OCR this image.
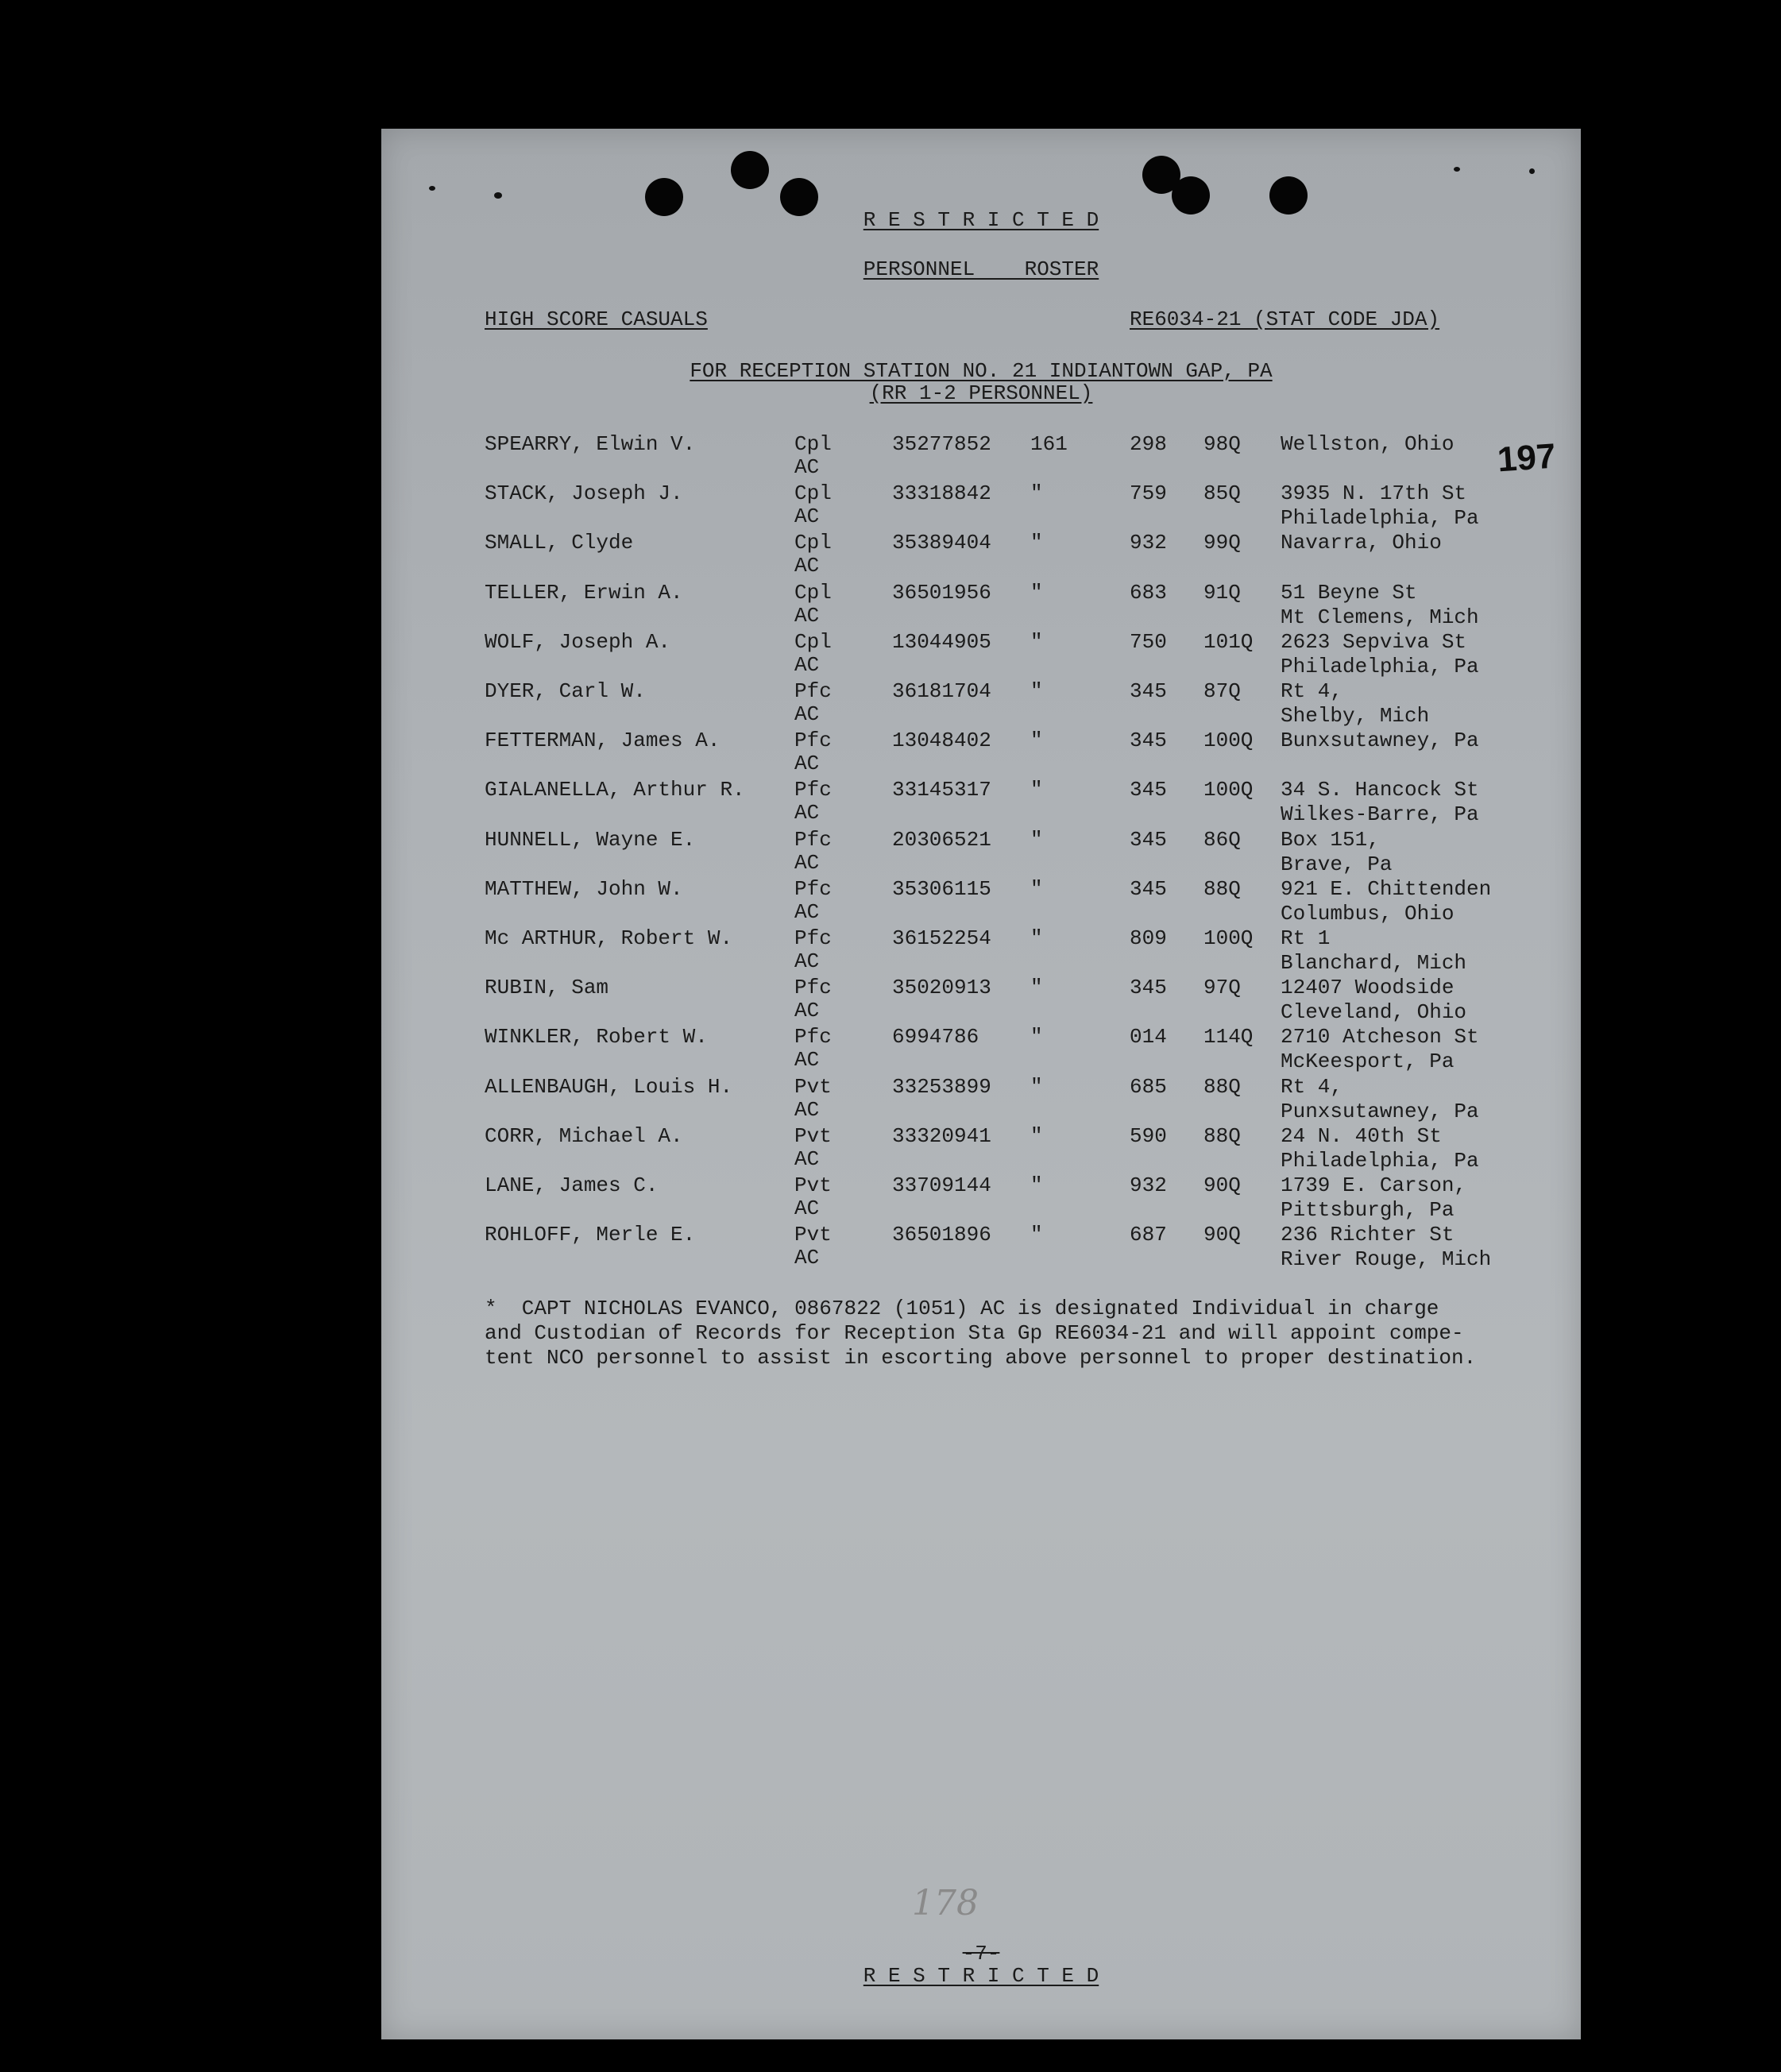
R E S T R I C T E D
PERSONNEL    ROSTER
HIGH SCORE CASUALS	RE6034-21 (STAT CODE JDA)
FOR RECEPTION STATION NO. 21 INDIANTOWN GAP, PA
(RR 1-2 PERSONNEL)
197
SPEARRY, Elwin V.	Cpl	35277852 161	298 98Q Wellston, Ohio
AC
STACK, Joseph J.	Cpl	33318842 "	759 85Q 3935 N. 17th St
AC	Philadelphia, Pa
SMALL, Clyde	Cpl	35389404 "	932 99Q Navarra, Ohio
AC
TELLER, Erwin A.	Cpl	36501956 "	683 91Q 51 Beyne St
AC	Mt Clemens, Mich
WOLF, Joseph A.	Cpl	13044905 "	750 101Q 2623 Sepviva St
AC	Philadelphia, Pa
DYER, Carl W.	Pfc	36181704 "	345 87Q Rt 4,
AC	Shelby, Mich
FETTERMAN, James A.	Pfc	13048402 "	345 100Q Bunxsutawney, Pa
AC
GIALANELLA, Arthur R. Pfc	33145317 "	345 100Q 34 S. Hancock St
AC	Wilkes-Barre, Pa
HUNNELL, Wayne E.	Pfc	20306521 "	345 86Q Box 151,
AC	Brave, Pa
MATTHEW, John W.	Pfc	35306115 "	345 88Q 921 E. Chittenden
AC	Columbus, Ohio
Mc ARTHUR, Robert W.	Pfc	36152254 "	809 100Q Rt 1
AC	Blanchard, Mich
RUBIN, Sam	Pfc	35020913 "	345 97Q 12407 Woodside
AC	Cleveland, Ohio
WINKLER, Robert W.	Pfc	6994786 "	014 114Q 2710 Atcheson St
AC	McKeesport, Pa
ALLENBAUGH, Louis H.	Pvt	33253899 "	685 88Q Rt 4,
AC	Punxsutawney, Pa
CORR, Michael A.	Pvt	33320941 "	590 88Q 24 N. 40th St
AC	Philadelphia, Pa
LANE, James C.	Pvt	33709144 "	932 90Q 1739 E. Carson,
AC	Pittsburgh, Pa
ROHLOFF, Merle E.	Pvt	36501896 "	687 90Q 236 Richter St
AC	River Rouge, Mich
*  CAPT NICHOLAS EVANCO, 0867822 (1051) AC is designated Individual in charge
and Custodian of Records for Reception Sta Gp RE6034-21 and will appoint compe-
tent NCO personnel to assist in escorting above personnel to proper destination.
178
-7-
R E S T R I C T E D
